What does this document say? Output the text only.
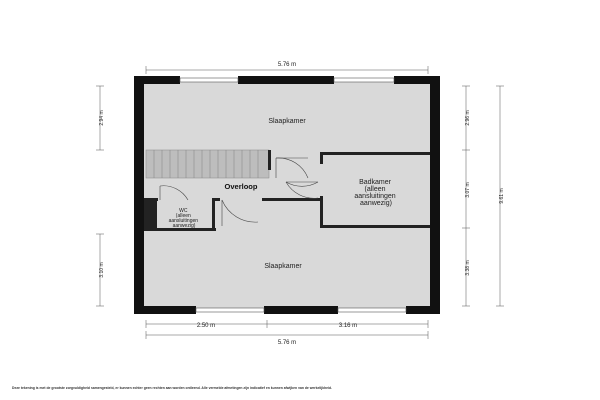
Slaapkamer
Overloop	Badkamer (alleen aansluitingen aanwezig)
WC (alleen aansluitingen aanwezig)
Slaapkamer
5.76 m
2.50 m	3.16 m
5.76 m
2.94 m
3.10 m
2.96 m
3.07 m
3.38 m
9.61 m
Deze tekening is met de grootste zorgvuldigheid samengesteld, er kunnen echter geen rechten aan worden ontleend. Alle vermelde afmetingen zijn indicatief en kunnen afwijken van de werkelijkheid.
